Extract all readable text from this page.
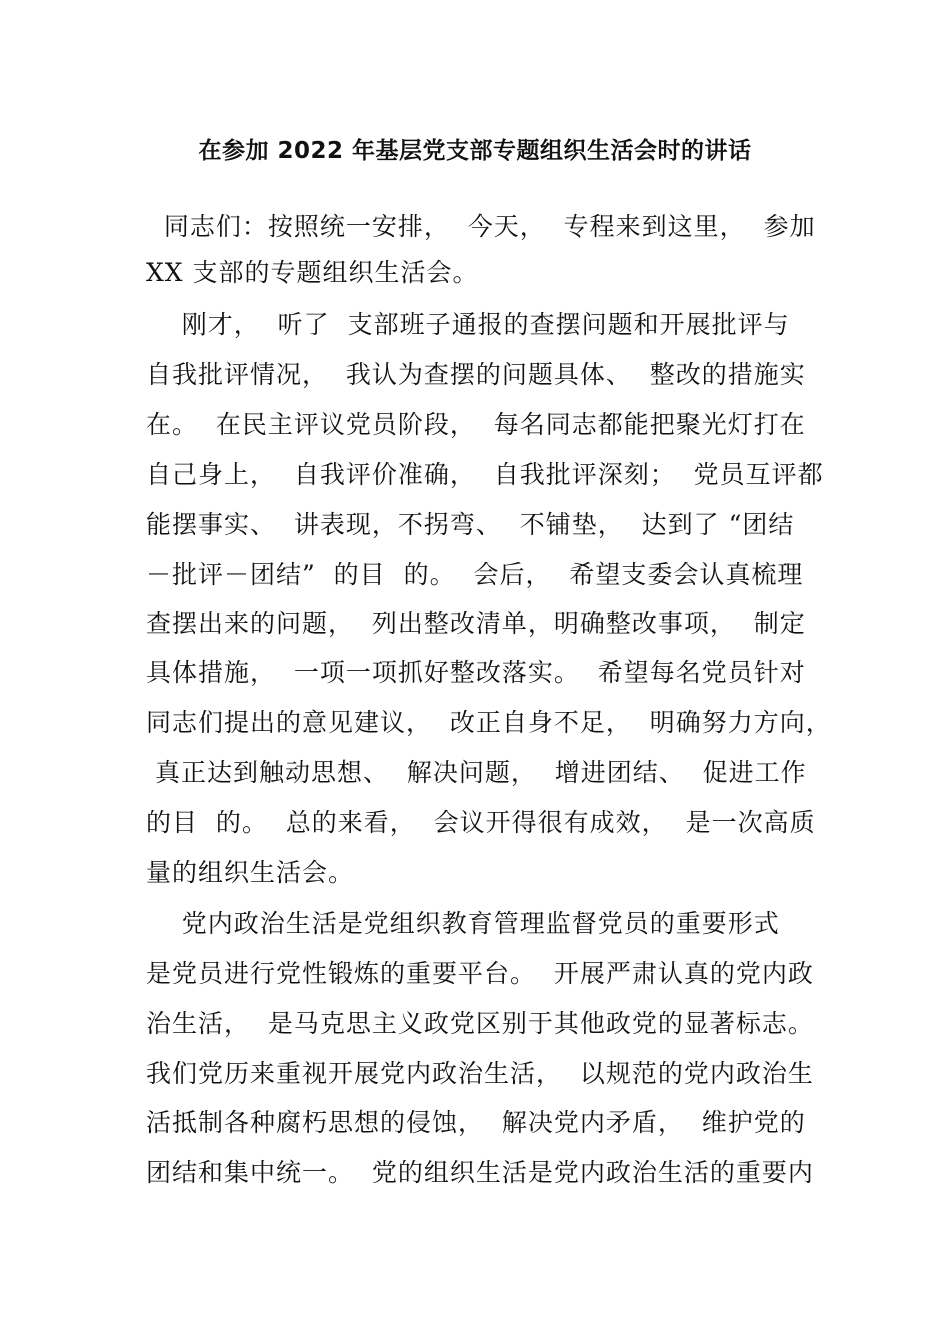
在参加 2022 年基层党支部专题组织生活会时的讲话
同志们：按照统一安排，  今天，  专程来到这里，  参加
XX 支部的专题组织生活会。
刚才，  听了  支部班子通报的查摆问题和开展批评与
自我批评情况，  我认为查摆的问题具体、  整改的措施实
在。  在民主评议党员阶段，  每名同志都能把聚光灯打在
自己身上，  自我评价准确，  自我批评深刻；  党员互评都
能摆事实、  讲表现，不拐弯、  不铺垫，  达到了 “团结
－批评－团结”  的目  的。  会后，  希望支委会认真梳理
查摆出来的问题，  列出整改清单，明确整改事项，  制定
具体措施，  一项一项抓好整改落实。  希望每名党员针对
同志们提出的意见建议，  改正自身不足，  明确努力方向，
真正达到触动思想、  解决问题，  增进团结、  促进工作
的目  的。  总的来看，  会议开得很有成效，  是一次高质
量的组织生活会。
党内政治生活是党组织教育管理监督党员的重要形式
是党员进行党性锻炼的重要平台。  开展严肃认真的党内政
治生活，  是马克思主义政党区别于其他政党的显著标志。
我们党历来重视开展党内政治生活，  以规范的党内政治生
活抵制各种腐朽思想的侵蚀，  解决党内矛盾，  维护党的
团结和集中统一。  党的组织生活是党内政治生活的重要内
